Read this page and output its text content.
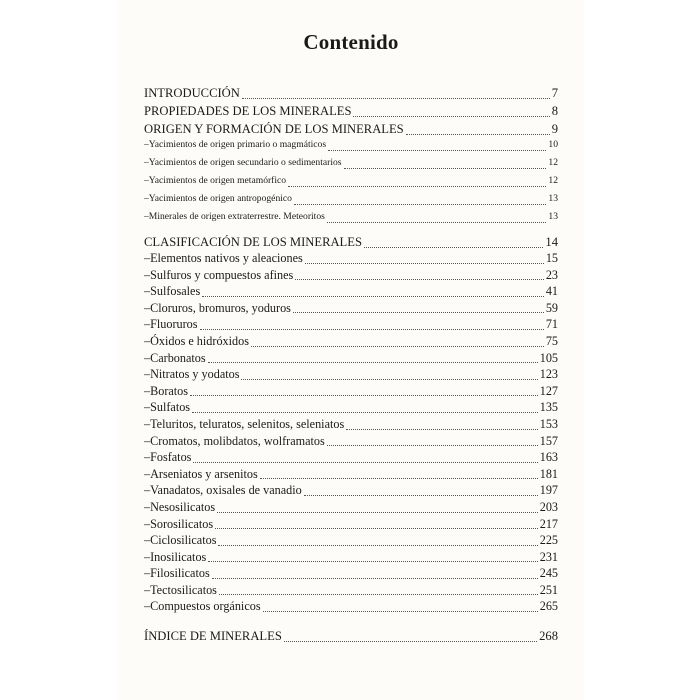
Contenido
INTRODUCCIÓN	7
PROPIEDADES DE LOS MINERALES	8
ORIGEN Y FORMACIÓN DE LOS MINERALES	9
–Yacimientos de origen primario o magmáticos	10
–Yacimientos de origen secundario o sedimentarios	12
–Yacimientos de origen metamórfico	12
–Yacimientos de origen antropogénico	13
–Minerales de origen extraterrestre. Meteoritos	13
CLASIFICACIÓN DE LOS MINERALES	14
–Elementos nativos y aleaciones	15
–Sulfuros y compuestos afines	23
–Sulfosales	41
–Cloruros, bromuros, yoduros	59
–Fluoruros	71
–Óxidos e hidróxidos	75
–Carbonatos	105
–Nitratos y yodatos	123
–Boratos	127
–Sulfatos	135
–Teluritos, teluratos, selenitos, seleniatos	153
–Cromatos, molibdatos, wolframatos	157
–Fosfatos	163
–Arseniatos y arsenitos	181
–Vanadatos, oxisales de vanadio	197
–Nesosilicatos	203
–Sorosilicatos	217
–Ciclosilicatos	225
–Inosilicatos	231
–Filosilicatos	245
–Tectosilicatos	251
–Compuestos orgánicos	265
ÍNDICE DE MINERALES	268
